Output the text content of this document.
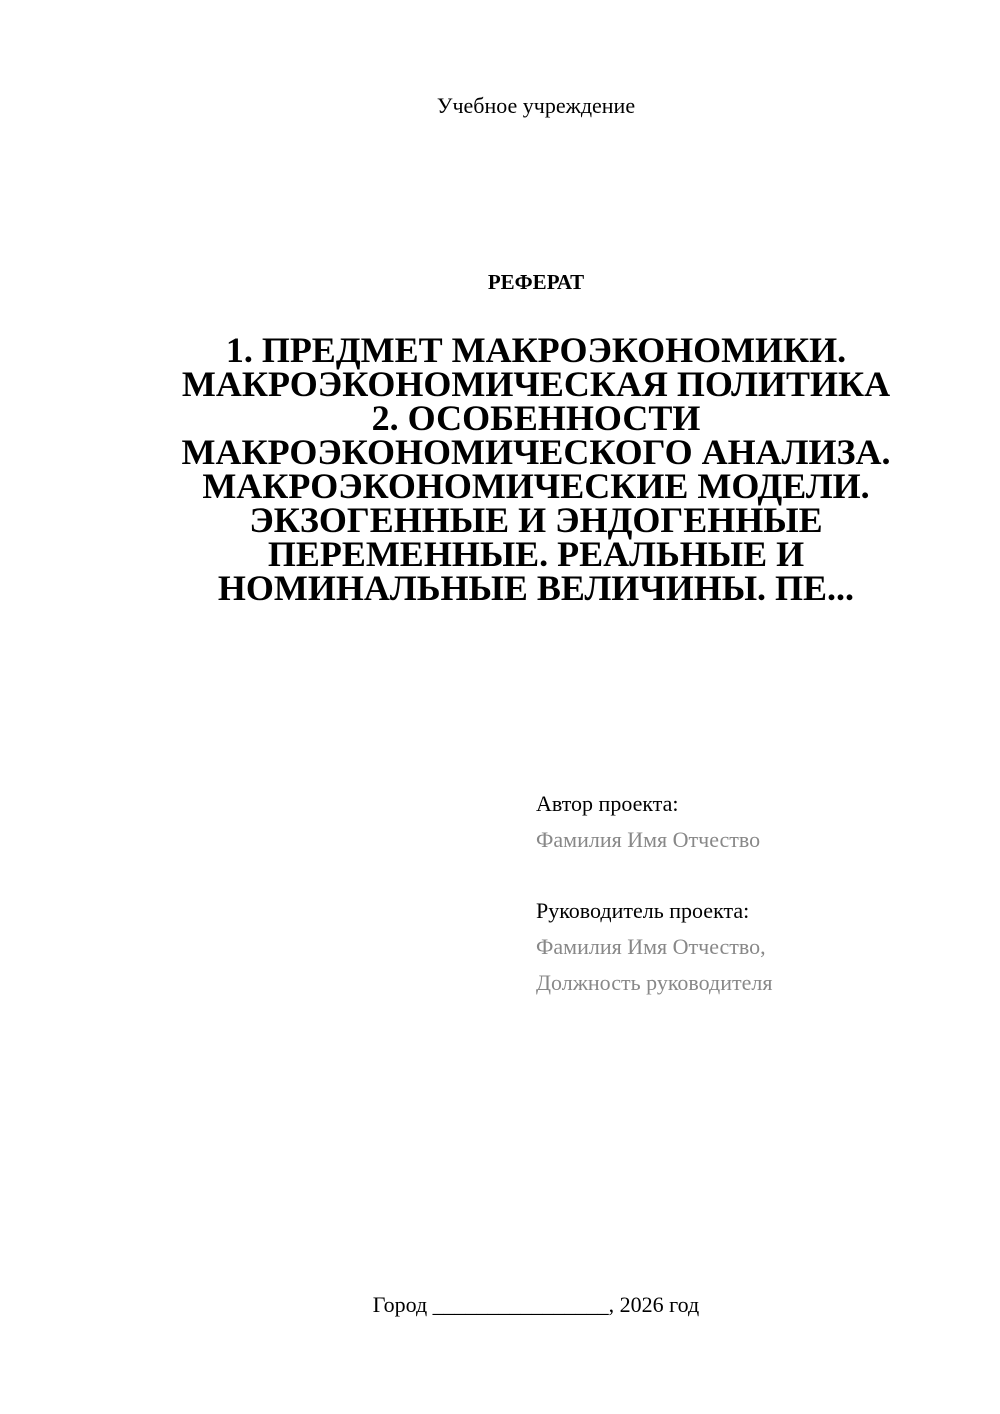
Учебное учреждение
РЕФЕРАТ
1. ПРЕДМЕТ МАКРОЭКОНОМИКИ.
МАКРОЭКОНОМИЧЕСКАЯ ПОЛИТИКА
2. ОСОБЕННОСТИ
МАКРОЭКОНОМИЧЕСКОГО АНАЛИЗА.
МАКРОЭКОНОМИЧЕСКИЕ МОДЕЛИ.
ЭКЗОГЕННЫЕ И ЭНДОГЕННЫЕ
ПЕРЕМЕННЫЕ. РЕАЛЬНЫЕ И
НОМИНАЛЬНЫЕ ВЕЛИЧИНЫ. ПЕ...
Автор проекта:
Фамилия Имя Отчество
Руководитель проекта:
Фамилия Имя Отчество,
Должность руководителя
Город ________________, 2026 год
